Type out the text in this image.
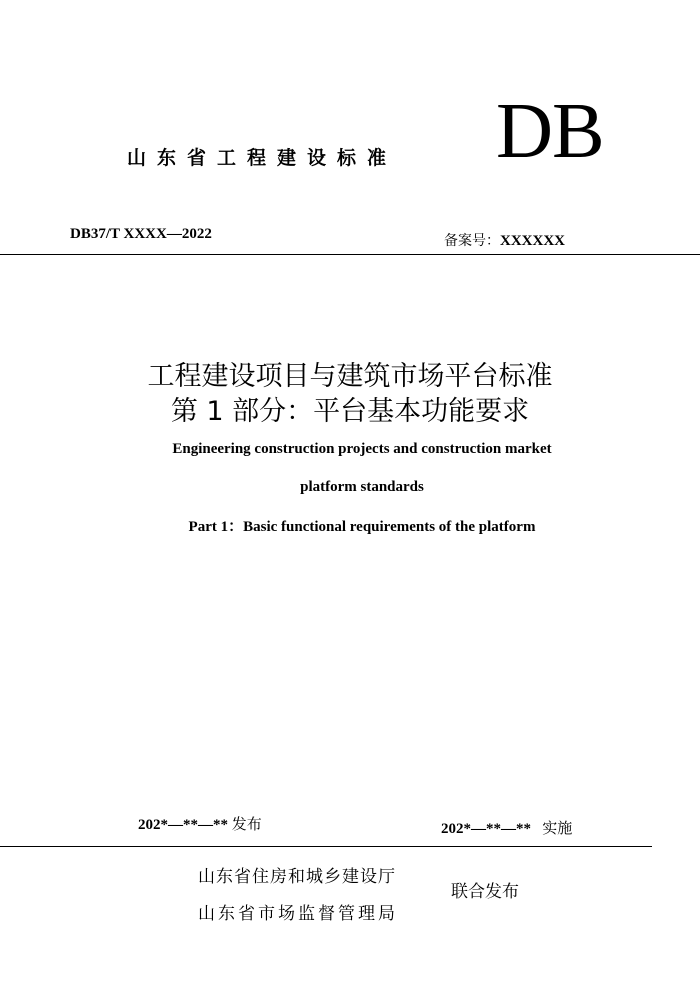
山东省工程建设标准 DB
DB37/T XXXX—2022	备案号：XXXXXX
工程建设项目与建筑市场平台标准
第 1 部分：平台基本功能要求
Engineering construction projects and construction market
platform standards
Part 1：Basic functional requirements of the platform
202*—**—** 发布	202*—**—** 实施
山东省住房和城乡建设厅
山东省市场监督管理局
联合发布
